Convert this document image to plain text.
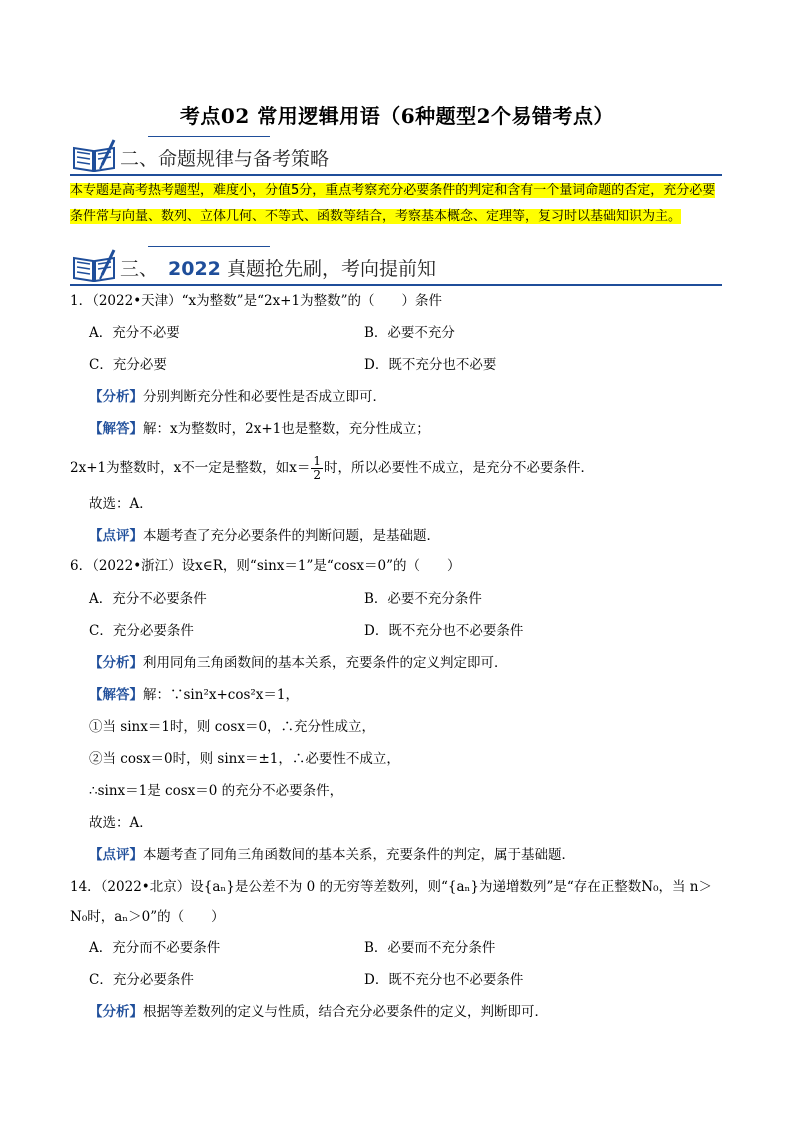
考点02 常用逻辑用语（6种题型2个易错考点）
二、命题规律与备考策略
本专题是高考热考题型，难度小，分值5分，重点考察充分必要条件的判定和含有一个量词命题的否定，充分必要条件常与向量、数列、立体几何、不等式、函数等结合，考察基本概念、定理等，复习时以基础知识为主。
三、 2022 真题抢先刷，考向提前知
1．（2022•天津）“x为整数”是“2x+1为整数”的（　　）条件
A．充分不必要	B．必要不充分
C．充分必要	D．既不充分也不必要
【分析】分别判断充分性和必要性是否成立即可．
【解答】解：x为整数时，2x+1也是整数，充分性成立；
2x+1为整数时，x不一定是整数，如$x= \frac{1}{2}$ 时，所以必要性不成立，是充分不必要条件．
故选：A．
【点评】本题考查了充分必要条件的判断问题，是基础题．
6．（2022•浙江）设x∈R，则“sinx＝1”是“cosx＝0”的（　　）
A．充分不必要条件	B．必要不充分条件
C．充分必要条件	D．既不充分也不必要条件
【分析】利用同角三角函数间的基本关系，充要条件的定义判定即可．
【解答】解：∵sin²x+cos²x＝1，
①当 sinx＝1时，则 cosx＝0，∴充分性成立，
②当 cosx＝0时，则 sinx＝±1，∴必要性不成立，
∴sinx＝1是 cosx＝0 的充分不必要条件，
故选：A．
【点评】本题考查了同角三角函数间的基本关系，充要条件的判定，属于基础题．
14．（2022•北京）设{aₙ}是公差不为 0 的无穷等差数列，则“{aₙ}为递增数列”是“存在正整数N₀，当 n＞
N₀时，aₙ＞0”的（　　）
A．充分而不必要条件	B．必要而不充分条件
C．充分必要条件	D．既不充分也不必要条件
【分析】根据等差数列的定义与性质，结合充分必要条件的定义，判断即可．
